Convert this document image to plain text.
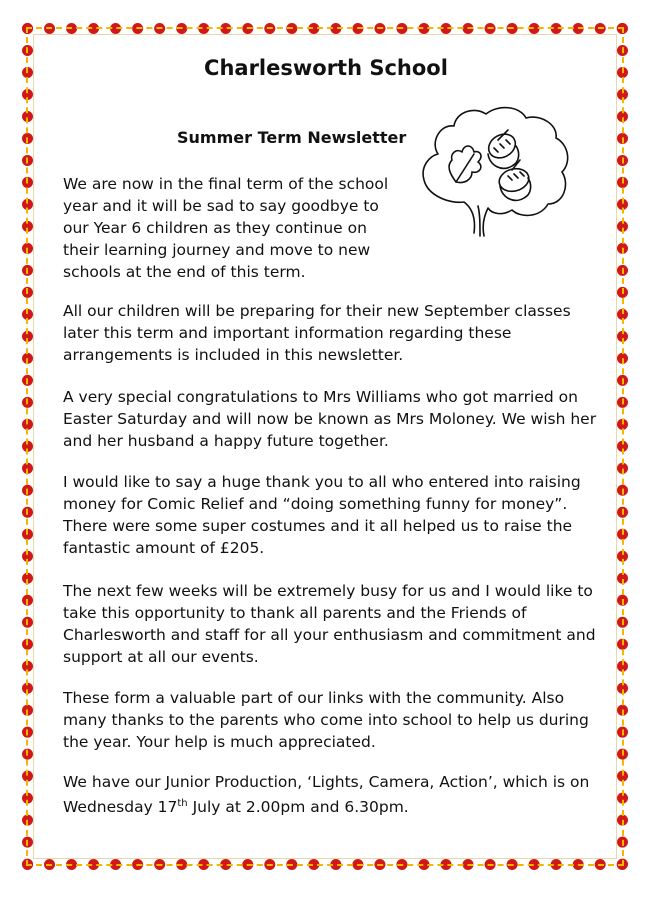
Charlesworth School
Summer Term Newsletter

We are now in the final term of the school year and it will be sad to say goodbye to our Year 6 children as they continue on their learning journey and move to new schools at the end of this term.

All our children will be preparing for their new September classes later this term and important information regarding these arrangements is included in this newsletter.

A very special congratulations to Mrs Williams who got married on Easter Saturday and will now be known as Mrs Moloney. We wish her and her husband a happy future together.

I would like to say a huge thank you to all who entered into raising money for Comic Relief and “doing something funny for money”. There were some super costumes and it all helped us to raise the fantastic amount of £205.

The next few weeks will be extremely busy for us and I would like to take this opportunity to thank all parents and the Friends of Charlesworth and staff for all your enthusiasm and commitment and support at all our events.

These form a valuable part of our links with the community. Also many thanks to the parents who come into school to help us during the year. Your help is much appreciated.

We have our Junior Production, ‘Lights, Camera, Action’, which is on Wednesday 17th July at 2.00pm and 6.30pm.
